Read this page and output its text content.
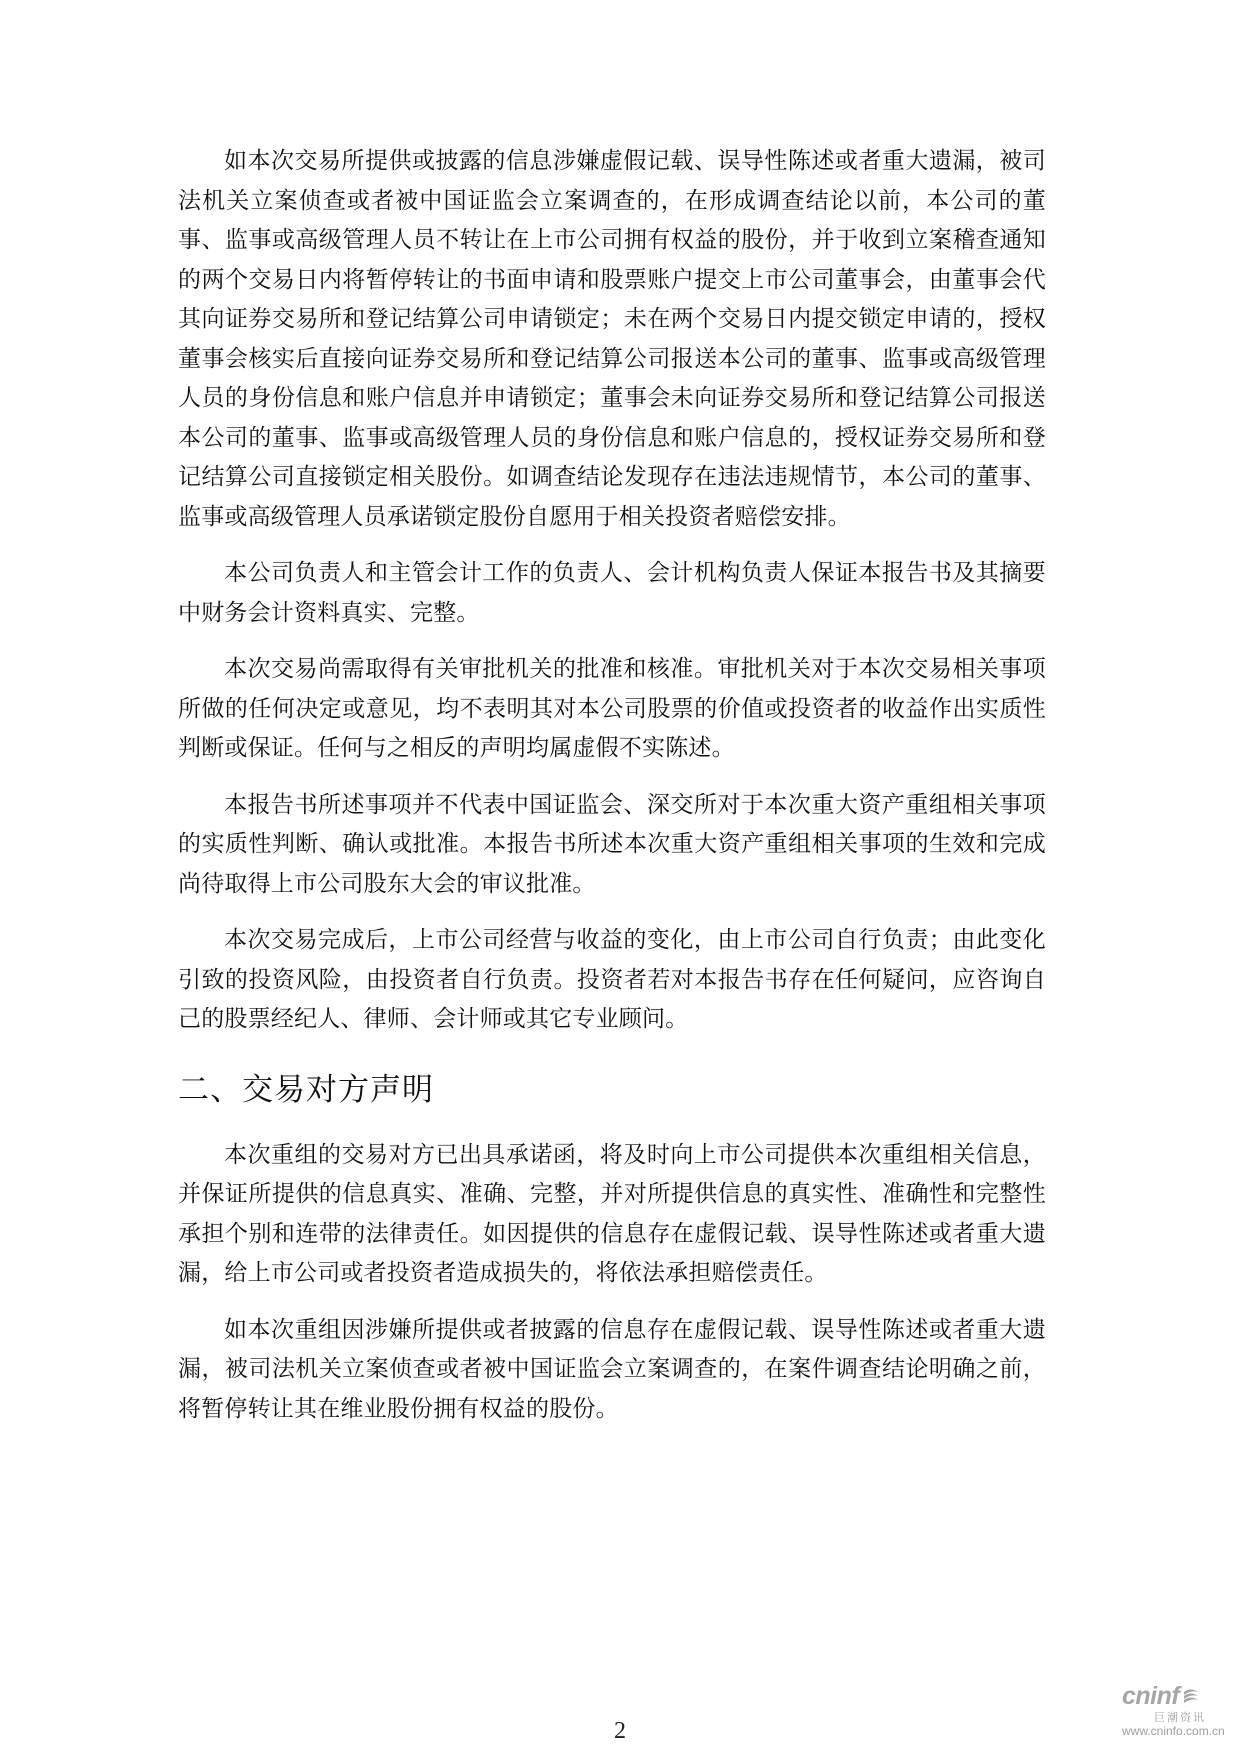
如本次交易所提供或披露的信息涉嫌虚假记载、误导性陈述或者重大遗漏，被司法机关立案侦查或者被中国证监会立案调查的，在形成调查结论以前，本公司的董事、监事或高级管理人员不转让在上市公司拥有权益的股份，并于收到立案稽查通知的两个交易日内将暂停转让的书面申请和股票账户提交上市公司董事会，由董事会代其向证券交易所和登记结算公司申请锁定；未在两个交易日内提交锁定申请的，授权董事会核实后直接向证券交易所和登记结算公司报送本公司的董事、监事或高级管理人员的身份信息和账户信息并申请锁定；董事会未向证券交易所和登记结算公司报送本公司的董事、监事或高级管理人员的身份信息和账户信息的，授权证券交易所和登记结算公司直接锁定相关股份。如调查结论发现存在违法违规情节，本公司的董事、监事或高级管理人员承诺锁定股份自愿用于相关投资者赔偿安排。

本公司负责人和主管会计工作的负责人、会计机构负责人保证本报告书及其摘要中财务会计资料真实、完整。

本次交易尚需取得有关审批机关的批准和核准。审批机关对于本次交易相关事项所做的任何决定或意见，均不表明其对本公司股票的价值或投资者的收益作出实质性判断或保证。任何与之相反的声明均属虚假不实陈述。

本报告书所述事项并不代表中国证监会、深交所对于本次重大资产重组相关事项的实质性判断、确认或批准。本报告书所述本次重大资产重组相关事项的生效和完成尚待取得上市公司股东大会的审议批准。

本次交易完成后，上市公司经营与收益的变化，由上市公司自行负责；由此变化引致的投资风险，由投资者自行负责。投资者若对本报告书存在任何疑问，应咨询自己的股票经纪人、律师、会计师或其它专业顾问。

二、交易对方声明

本次重组的交易对方已出具承诺函，将及时向上市公司提供本次重组相关信息，并保证所提供的信息真实、准确、完整，并对所提供信息的真实性、准确性和完整性承担个别和连带的法律责任。如因提供的信息存在虚假记载、误导性陈述或者重大遗漏，给上市公司或者投资者造成损失的，将依法承担赔偿责任。

如本次重组因涉嫌所提供或者披露的信息存在虚假记载、误导性陈述或者重大遗漏，被司法机关立案侦查或者被中国证监会立案调查的，在案件调查结论明确之前，将暂停转让其在维业股份拥有权益的股份。

2
cninf
巨潮资讯
www.cninfo.com.cn
